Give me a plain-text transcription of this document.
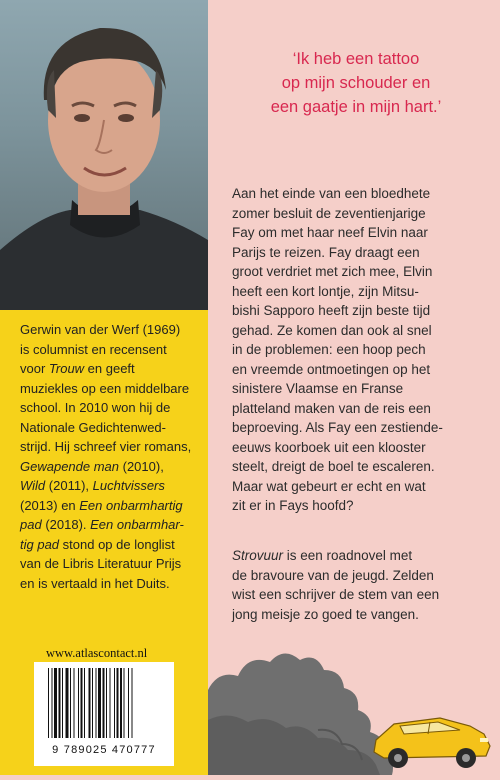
Gerwin van der Werf (1969)

is columnist en recensent

voor Trouw en geeft

muziekles op een middelbare

school. In 2010 won hij de

Nationale Gedichtenwed-

strijd. Hij schreef vier romans,

Gewapende man (2010),

Wild (2011), Luchtvissers

(2013) en Een onbarmhartig

pad (2018). Een onbarmhar-

tig pad stond op de longlist

van de Libris Literatuur Prijs

en is vertaald in het Duits.

www.atlascontact.nl
9 789025 470777

‘Ik heb een tattoo

op mijn schouder en

een gaatje in mijn hart.’

Aan het einde van een bloedhete

zomer besluit de zeventienjarige

Fay om met haar neef Elvin naar

Parijs te reizen. Fay draagt een

groot verdriet met zich mee, Elvin

heeft een kort lontje, zijn Mitsu-

bishi Sapporo heeft zijn beste tijd

gehad. Ze komen dan ook al snel

in de problemen: een hoop pech

en vreemde ontmoetingen op het

sinistere Vlaamse en Franse

platteland maken van de reis een

beproeving. Als Fay een zestiende-

eeuws koorboek uit een klooster

steelt, dreigt de boel te escaleren.

Maar wat gebeurt er echt en wat

zit er in Fays hoofd?

Strovuur is een roadnovel met

de bravoure van de jeugd. Zelden

wist een schrijver de stem van een

jong meisje zo goed te vangen.
